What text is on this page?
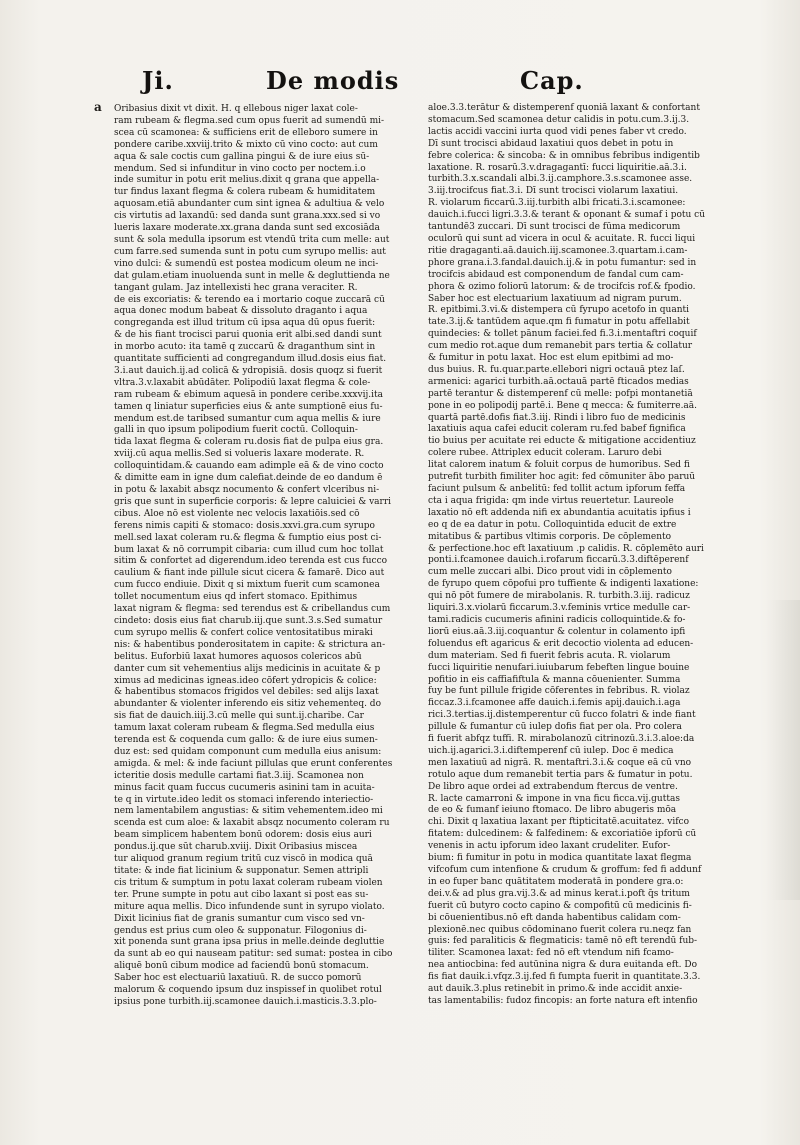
Ji.	De modis	Cap.
a Oribasius dixit vt dixit. H. q ellebous niger laxat cole-
ram rubeam & flegma.sed cum opus fuerit ad sumendū mi-
scea cū scamonea: & sufficiens erit de elleboro sumere in
pondere caribe.xxviij.trito & mixto cū vino cocto: aut cum
aqua & sale coctis cum gallina pingui & de iure eius sū-
mendum. Sed si infunditur in vino cocto per noctem.i.o
inde sumitur in potu erit melius.dixit q grana que appella-
tur findus laxant flegma & colera rubeam & humiditatem
aquosam.etiā abundanter cum sint ignea & adultiua & velo
cis virtutis ad laxandū: sed danda sunt grana.xxx.sed si vo
lueris laxare moderate.xx.grana danda sunt sed excosiāda
sunt & sola medulla ipsorum est vtendū trita cum melle: aut
cum farre.sed sumenda sunt in potu cum syrupo mellis: aut
vino dulci: & sumendū est postea modicum oleum ne inci-
dat gulam.etiam inuoluenda sunt in melle & degluttienda ne
tangant gulam. Jaz intellexisti hec grana veraciter. R.
de eis excoriatis: & terendo ea i mortario coque zuccarā cū
aqua donec modum babeat & dissoluto draganto i aqua
congreganda est illud tritum cū ipsa aqua dū opus fuerit:
& de his fiant trocisci parui quonia erit albi.sed dandi sunt
in morbo acuto: ita tamē q zuccarū & draganthum sint in
quantitate sufficienti ad congregandum illud.dosis eius fiat.
3.i.aut dauich.ij.ad colicā & ydropisiā. dosis quoqz si fuerit
vltra.3.v.laxabit abūdāter. Polipodiū laxat flegma & cole-
ram rubeam & ebimum aquesā in pondere ceribe.xxxvij.ita
tamen q liniatur superficies eius & ante sumptionē eius fu-
mendum est.de taribsed sumantur cum aqua mellis & iure
galli in quo ipsum polipodium fuerit coctū. Colloquin-
tida laxat flegma & coleram ru.dosis fiat de pulpa eius gra.
xviij.cū aqua mellis.Sed si volueris laxare moderate. R.
colloquintidam.& cauando eam adimple eā & de vino cocto
& dimitte eam in igne dum calefiat.deinde de eo dandum ē
in potu & laxabit absqz nocumento & confert vlceribus ni-
gris que sunt in superficie corporis: & lepre caluiciei & varri
cibus. Aloe nō est violente nec velocis laxatiōis.sed cō
ferens nimis capiti & stomaco: dosis.xxvi.gra.cum syrupo
mell.sed laxat coleram ru.& flegma & fumptio eius post ci-
bum laxat & nō corrumpit cibaria: cum illud cum hoc tollat
sitim & confortet ad digerendum.ideo terenda est cus fucco
caulium & fiant inde pillule sicut cicera & famarē. Dico aut
cum fucco endiuie. Dixit q si mixtum fuerit cum scamonea
tollet nocumentum eius qd infert stomaco. Epithimus
laxat nigram & flegma: sed terendus est & cribellandus cum
cindeto: dosis eius fiat charub.iij.que sunt.3.s.Sed sumatur
cum syrupo mellis & confert colice ventositatibus miraki
nis: & habentibus ponderositatem in capite: & strictura an-
belitus. Euforbiū laxat humores aquosos colericos abū
danter cum sit vehementius alijs medicinis in acuitate & p
ximus ad medicinas igneas.ideo cōfert ydropicis & colice:
& habentibus stomacos frigidos vel debiles: sed alijs laxat
abundanter & violenter inferendo eis sitiz vehementeq. do
sis fiat de dauich.iiij.3.cū melle qui sunt.ij.charibe. Car
tamum laxat coleram rubeam & flegma.Sed medulla eius
terenda est & coquenda cum gallo: & de iure eius sumen-
duz est: sed quidam componunt cum medulla eius anisum:
amigda. & mel: & inde faciunt pillulas que erunt conferentes
icteritie dosis medulle cartami fiat.3.iij. Scamonea non
minus facit quam fuccus cucumeris asinini tam in acuita-
te q in virtute.ideo ledit os stomaci inferendo interiectio-
nem lamentabilem angustias: & sitim vehementem.ideo mi
scenda est cum aloe: & laxabit absqz nocumento coleram ru
beam simplicem habentem bonū odorem: dosis eius auri
pondus.ij.que sūt charub.xviij. Dixit Oribasius miscea
tur aliquod granum regium tritū cuz viscō in modica quā
titate: & inde fiat licinium & supponatur. Semen attripli
cis tritum & sumptum in potu laxat coleram rubeam violen
ter. Prune sumpte in potu aut cibo laxant si post eas su-
miture aqua mellis. Dico infundende sunt in syrupo violato.
Dixit licinius fiat de granis sumantur cum visco sed vn-
gendus est prius cum oleo & supponatur. Filogonius di-
xit ponenda sunt grana ipsa prius in melle.deinde degluttie
da sunt ab eo qui nauseam patitur: sed sumat: postea in cibo
aliquē bonū cibum modice ad faciendū bonū stomacum.
Saber hoc est electuariū laxatiuū. R. de succo pomorū
malorum & coquendo ipsum duz inspissef in quolibet rotul
ipsius pone turbith.iij.scamonee dauich.i.masticis.3.3.plo-
aloe.3.3.terātur & distemperenf quoniā laxant & confortant
stomacum.Sed scamonea detur calidis in potu.cum.3.ij.3.
lactis accidi vaccini iurta quod vidi penes faber vt credo.
Dī sunt trocisci abidaud laxatiui quos debet in potu in
febre colerica: & sincoba: & in omnibus febribus indigentib
laxatione. R. rosarū.3.v.dragagantī: fucci liquiritie.aā.3.i.
turbith.3.x.scandali albi.3.ij.camphore.3.s.scamonee asse.
3.iij.trocifcus fiat.3.i. Dī sunt trocisci violarum laxatiui.
R. violarum ficcarū.3.iij.turbith albi fricati.3.i.scamonee:
dauich.i.fucci ligri.3.3.& terant & oponant & sumaf i potu cū
tantundē3 zuccari. Dī sunt trocisci de fūma medicorum
oculorū qui sunt ad vicera in ocul & acuitate. R. fucci liqui
ritie dragaganti.aā.dauich.iij.scamonee.3.quartam.i.cam-
phore grana.i.3.fandal.dauich.ij.& in potu fumantur: sed in
trocifcis abidaud est componendum de fandal cum cam-
phora & ozimo foliorū latorum: & de trocifcis rof.& fpodio.
Saber hoc est electuarium laxatiuum ad nigram purum.
R. epitbimi.3.vi.& distempera cū fyrupo acetofo in quanti
tate.3.ij.& tantūdem aque.qm fi fumatur in potu affellabit
quindecies: & tollet pānum faciei.fed fi.3.i.mentaftri coquif
cum medio rot.aque dum remanebit pars tertia & collatur
& fumitur in potu laxat. Hoc est elum epitbimi ad mo-
dus buius. R. fu.quar.parte.ellebori nigri octauā ptez laſ.
armenici: agarici turbith.aā.octauā partē fticados medias
partē terantur & distemperenf cū melle: pofpi montanetiā
pone in eo polipodij partē.i. Bene q mecca: & fumiterre.aā.
quartā partē.dofis fiat.3.iij. Rindi i libro fuo de medicinis
laxatiuis aqua cafei educit coleram ru.fed babef fignifica
tio buius per acuitate rei educte & mitigatione accidentiuz
colere rubee. Attriplex educit coleram. Laruro debi
litat calorem inatum & foluit corpus de humoribus. Sed fi
putrefit turbith fimiliter hoc agit: fed cōmuniter ābo paruū
faciunt pulsum & anbelitū: fed tollit actum ipforum feffa
cta i aqua frigida: qm inde virtus reuertetur. Laureole
laxatio nō eft addenda nifi ex abundantia acuitatis ipfius i
eo q de ea datur in potu. Colloquintida educit de extre
mitatibus & partibus vltimis corporis. De cōplemento
& perfectione.hoc eft laxatiuum .p calidis. R. cōplemēto auri
ponti.i.fcamonee dauich.i.rofarum ficcarū.3.3.diftēperenf
cum melle zuccari albi. Dico prout vidi in cōplemento
de fyrupo quem cōpofui pro tuffiente & indigenti laxatione:
qui nō pōt fumere de mirabolanis. R. turbith.3.iij. radicuz
liquiri.3.x.violarū ficcarum.3.v.feminis vrtice medulle car-
tami.radicis cucumeris afinini radicis colloquintide.& fo-
liorū eius.aā.3.iij.coquantur & colentur in colamento ipfi
foluendus eft agaricus & erit decoctio violenta ad educen-
dum materiam. Sed fi fuerit febris acuta. R. violarum
fucci liquiritie nenufari.iuiubarum febeften lingue bouine
pofitio in eis caffiafiftula & manna cōuenienter. Summa
fuy be funt pillule frigide cōferentes in febribus. R. violaz
ficcaz.3.i.fcamonee affe dauich.i.femis apij.dauich.i.aga
rici.3.tertias.ij.distemperentur cū fucco folatri & inde fiant
pillule & fumantur cū iulep dofis fiat per ola. Pro colera
fi fuerit abfqz tuffi. R. mirabolanozū citrinozū.3.i.3.aloe:da
uich.ij.agarici.3.i.diftemperenf cū iulep. Doc ē medica
men laxatiuū ad nigrā. R. mentaftri.3.i.& coque eā cū vno
rotulo aque dum remanebit tertia pars & fumatur in potu.
De libro aque ordei ad extrabendum ftercus de ventre.
R. lacte camarroni & impone in vna ficu ficca.vij.guttas
de eo & fumanf ieiuno ftomaco. De libro abugeris mōa
chi. Dixit q laxatiua laxant per ftipticitatē.acuitatez. vifco
fitatem: dulcedinem: & falfedinem: & excoriatiōe ipforū cū
venenis in actu ipforum ideo laxant crudeliter. Eufor-
bium: fi fumitur in potu in modica quantitate laxat flegma
vifcofum cum intenfione & crudum & groffum: fed fi addunf
in eo fuper banc quātitatem moderatā in pondere gra.o:
dei.v.& ad plus gra.vij.3.& ad minus kerat.i.poft q̄s tritum
fuerit cū butyro cocto capino & compofitū cū medicinis fi-
bi cōuenientibus.nō eft danda habentibus calidam com-
plexionē.nec quibus cōdominano fuerit colera ru.neqz fan
guis: fed paraliticis & flegmaticis: tamē nō eft terendū fub-
tiliter. Scamonea laxat: fed nō eft vtendum nifi fcamo-
nea antiocbina: fed autūnina nigra & dura euitanda eft. Do
fis fiat dauik.i.vfqz.3.ij.fed fi fumpta fuerit in quantitate.3.3.
aut dauik.3.plus retinebit in primo.& inde accidit anxie-
tas lamentabilis: fudoz fincopis: an forte natura eft intenfio
